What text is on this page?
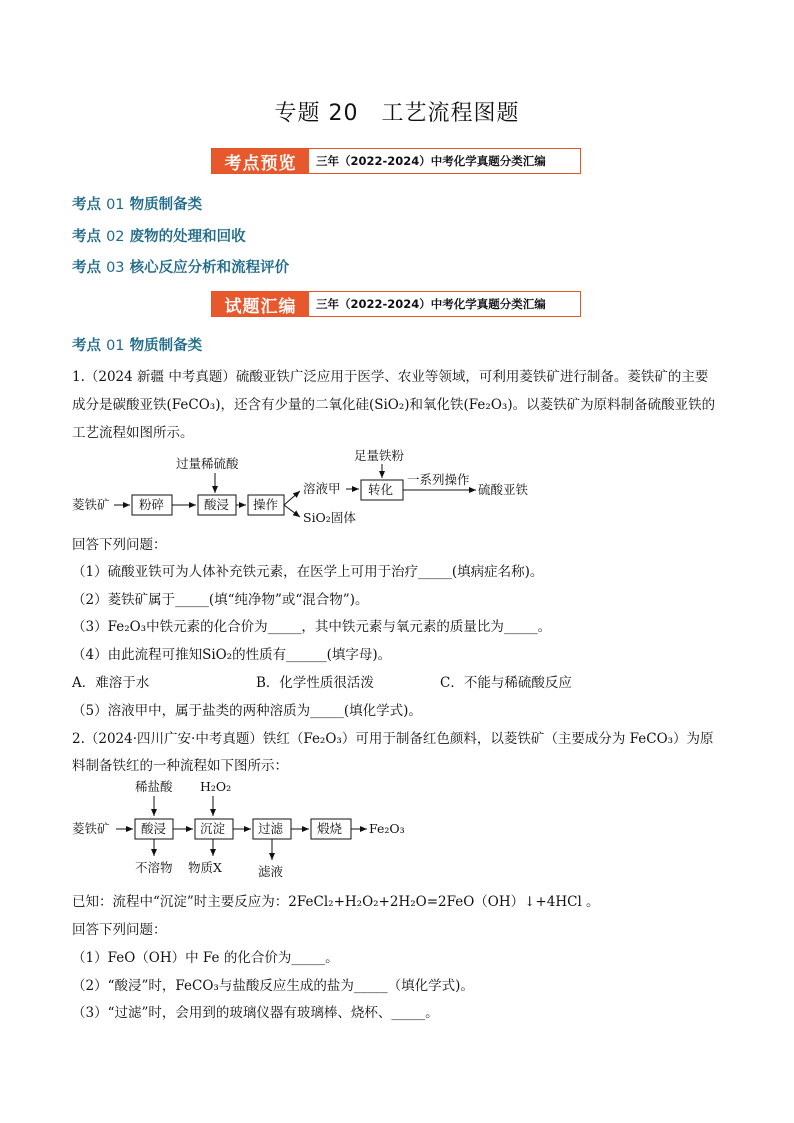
专题 20　工艺流程图题
考点预览	三年（2022-2024）中考化学真题分类汇编
考点 01 物质制备类
考点 02 废物的处理和回收
考点 03 核心反应分析和流程评价
试题汇编	三年（2022-2024）中考化学真题分类汇编
考点 01 物质制备类
1.（2024 新疆 中考真题）硫酸亚铁广泛应用于医学、农业等领域，可利用菱铁矿进行制备。菱铁矿的主要
成分是碳酸亚铁(FeCO₃)，还含有少量的二氧化硅(SiO₂)和氧化铁(Fe₂O₃)。以菱铁矿为原料制备硫酸亚铁的
工艺流程如图所示。
菱铁矿 粉碎
过量稀硫酸
酸浸 操作
溶液甲
SiO₂固体
足量铁粉
转化
一系列操作
硫酸亚铁
回答下列问题：
（1）硫酸亚铁可为人体补充铁元素，在医学上可用于治疗_____(填病症名称)。
（2）菱铁矿属于_____(填“纯净物”或“混合物”)。
（3）Fe₂O₃中铁元素的化合价为_____，其中铁元素与氧元素的质量比为_____。
（4）由此流程可推知SiO₂的性质有______(填字母)。
A．难溶于水	B．化学性质很活泼	C．不能与稀硫酸反应
（5）溶液甲中，属于盐类的两种溶质为_____(填化学式)。
2.（2024·四川广安·中考真题）铁红（Fe₂O₃）可用于制备红色颜料，以菱铁矿（主要成分为 FeCO₃）为原
料制备铁红的一种流程如下图所示：
菱铁矿
稀盐酸
酸浸
不溶物
H₂O₂
沉淀
物质X
过滤
滤液
煅烧 Fe₂O₃
已知：流程中“沉淀”时主要反应为：2FeCl₂+H₂O₂+2H₂O=2FeO（OH）↓+4HCl 。
回答下列问题：
（1）FeO（OH）中 Fe 的化合价为_____。
（2）“酸浸”时，FeCO₃与盐酸反应生成的盐为_____（填化学式)。
（3）“过滤”时，会用到的玻璃仪器有玻璃棒、烧杯、_____。
